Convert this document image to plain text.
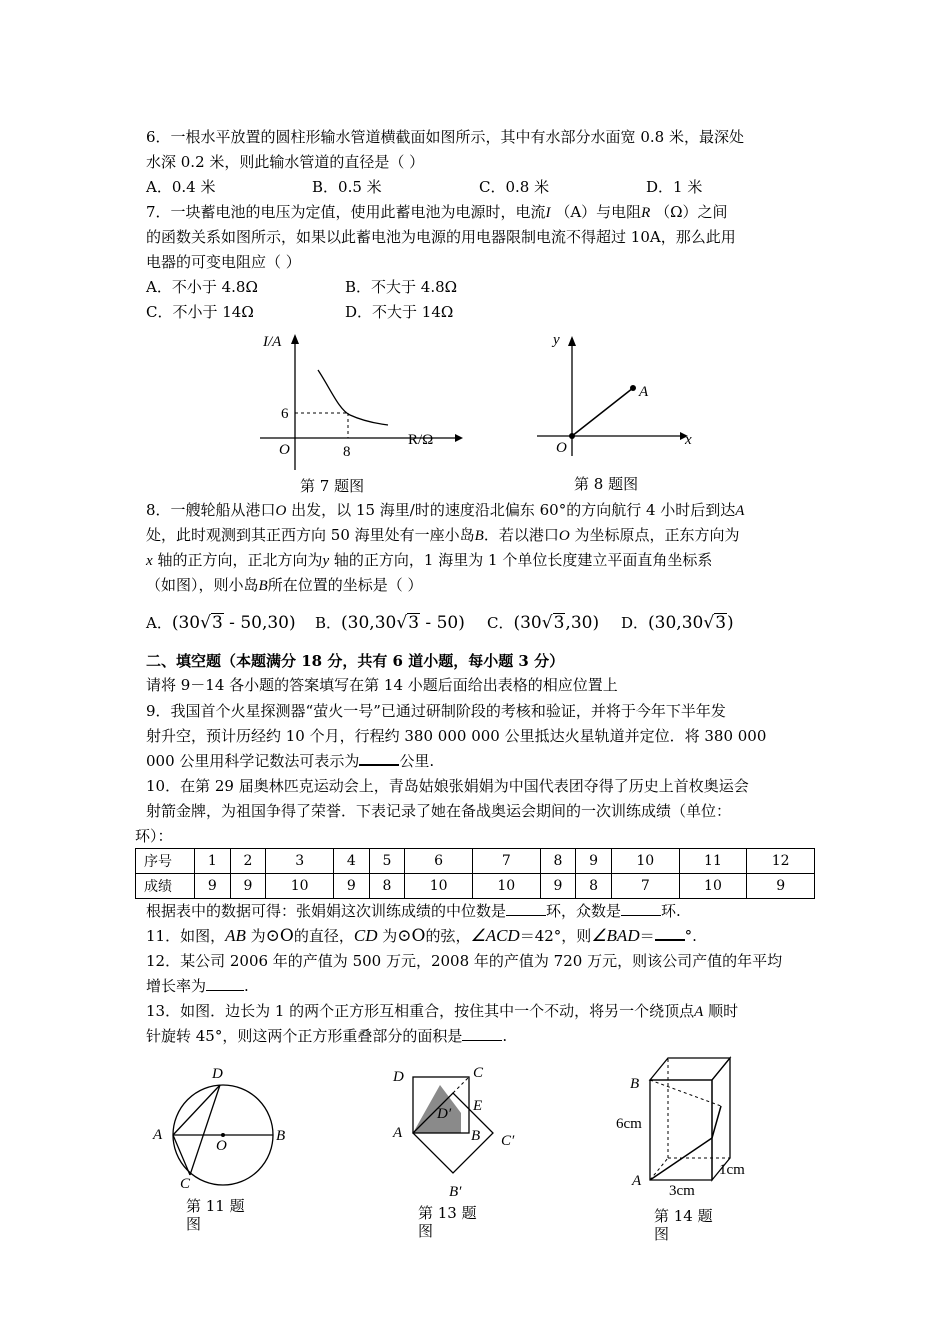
6．一根水平放置的圆柱形输水管道横截面如图所示，其中有水部分水面宽 0.8 米，最深处
水深 0.2 米，则此输水管道的直径是（ ）
A．0.4 米	B．0.5 米	C．0.8 米	D．1 米
7．一块蓄电池的电压为定值，使用此蓄电池为电源时，电流I （A）与电阻R （Ω）之间
的函数关系如图所示，如果以此蓄电池为电源的用电器限制电流不得超过 10A，那么此用
电器的可变电阻应（ ）
A．不小于 4.8Ω	B．不大于 4.8Ω
C．不小于 14Ω	D．不大于 14Ω
I/A
R/Ω
O
6
8
第 7 题图
y
x
O
A
第 8 题图
8．一艘轮船从港口O 出发，以 15 海里/时的速度沿北偏东 60°的方向航行 4 小时后到达A
处，此时观测到其正西方向 50 海里处有一座小岛B．若以港口O 为坐标原点，正东方向为
x 轴的正方向，正北方向为y 轴的正方向，1 海里为 1 个单位长度建立平面直角坐标系
（如图），则小岛B所在位置的坐标是（ ）
A．(30√3 - 50,30) B．(30,30√3 - 50) C．(30√3,30) D．(30,30√3)
二、填空题（本题满分 18 分，共有 6 道小题，每小题 3 分）
请将 9－14 各小题的答案填写在第 14 小题后面给出表格的相应位置上
9．我国首个火星探测器“萤火一号”已通过研制阶段的考核和验证，并将于今年下半年发
射升空，预计历经约 10 个月，行程约 380 000 000 公里抵达火星轨道并定位．将 380 000
000 公里用科学记数法可表示为	公里.
10．在第 29 届奥林匹克运动会上，青岛姑娘张娟娟为中国代表团夺得了历史上首枚奥运会
射箭金牌，为祖国争得了荣誉．下表记录了她在备战奥运会期间的一次训练成绩（单位：
环）：
序号	1	2	3	4	5	6	7	8	9	10	11	12
成绩	9	9	10	9	8	10	10	9	8	7	10	9
根据表中的数据可得：张娟娟这次训练成绩的中位数是	环，众数是	环.
11．如图，AB 为⊙O的直径，CD 为⊙O的弦，∠ACD＝42°，则∠BAD＝ °.
12．某公司 2006 年的产值为 500 万元，2008 年的产值为 720 万元，则该公司产值的年平均
增长率为	.
13．如图．边长为 1 的两个正方形互相重合，按住其中一个不动，将另一个绕顶点A 顺时
针旋转 45°，则这两个正方形重叠部分的面积是	.
D
A
O
B
C
第 11 题
图
D	C
A
E
B C′
B′
D′
第 13 题
图
B
A
6cm
3cm
1cm
第 14 题
图
